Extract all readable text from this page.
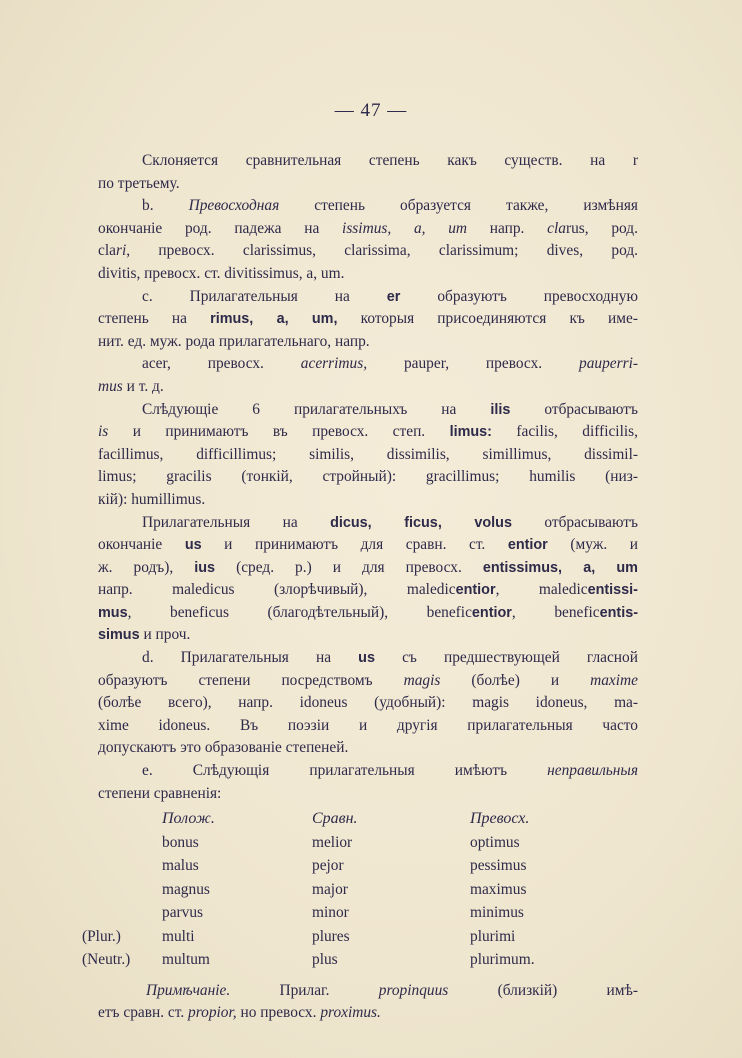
— 47 —
Склоняется сравнительная степень какъ существ. на r
по третьему.
b. Превосходная степень образуется также, измѣняя
окончаніе род. падежа на issimus, a, um напр. clarus, род.
clari, превосх. clarissimus, clarissima, clarissimum; dives, род.
divitis, превосх. ст. divitissimus, a, um.
c. Прилагательныя на	er образуютъ превосходную
степень на rimus, a, um, которыя присоединяются къ име-
нит. ед. муж. рода прилагательнаго, напр.
acer, превосх. acerrimus, pauper, превосх. pauperri-
mus и т. д.
Слѣдующіе 6 прилагательныхъ на ilis отбрасываютъ
is и принимаютъ въ превосх. степ. limus: facilis, difficilis,
facillimus, difficillimus; similis, dissimilis, simillimus, dissimil-
limus; gracilis (тонкій, стройный): gracillimus; humilis (низ-
кій): humillimus.
Прилагательныя на dicus, ficus, volus отбрасываютъ
окончаніе us и принимаютъ для сравн. ст. entior (муж. и
ж. родъ), ius (сред. р.) и для превосх. entissimus, a, um
напр. maledicus (злорѣчивый), maledicentior, maledicentissi-
mus, beneficus (благодѣтельный), beneficentior, beneficentis-
simus и проч.
d. Прилагательныя на us съ предшествующей гласной
образуютъ степени посредствомъ magis (болѣе) и maxime
(болѣе всего), напр. idoneus (удобный): magis idoneus, ma-
xime idoneus. Въ поэзіи и другія прилагательныя часто
допускаютъ это образованіе степеней.
e. Слѣдующія прилагательныя имѣютъ	неправильныя
степени сравненія:
Полож.	Сравн.	Превосх.
bonus	melior	optimus
malus	pejor	pessimus
magnus	major	maximus
parvus	minor	minimus
(Plur.)	multi	plures	plurimi
(Neutr.) multum	plus	plurimum.
Примѣчаніе.	Прилаг.	propinquus	(близкій) имѣ-
етъ сравн. ст. propior, но превосх. proximus.
